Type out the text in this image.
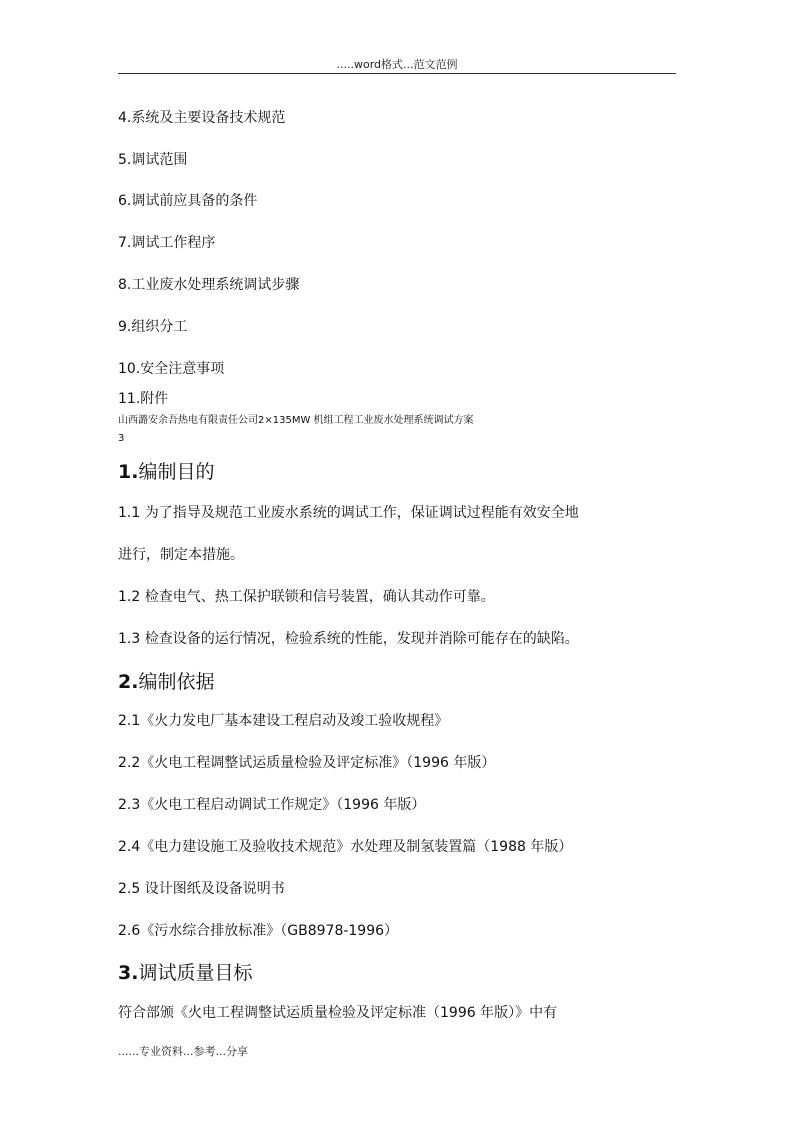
.....word格式...范文范例
4.系统及主要设备技术规范
5.调试范围
6.调试前应具备的条件
7.调试工作程序
8.工业废水处理系统调试步骤
9.组织分工
10.安全注意事项
11.附件
山西潞安余吾热电有限责任公司2×135MW 机组工程工业废水处理系统调试方案
3
1.编制目的
1.1 为了指导及规范工业废水系统的调试工作，保证调试过程能有效安全地
进行，制定本措施。
1.2 检查电气、热工保护联锁和信号装置，确认其动作可靠。
1.3 检查设备的运行情况，检验系统的性能，发现并消除可能存在的缺陷。
2.编制依据
2.1《火力发电厂基本建设工程启动及竣工验收规程》
2.2《火电工程调整试运质量检验及评定标准》（1996 年版）
2.3《火电工程启动调试工作规定》（1996 年版）
2.4《电力建设施工及验收技术规范》水处理及制氢装置篇（1988 年版）
2.5 设计图纸及设备说明书
2.6《污水综合排放标准》（GB8978-1996）
3.调试质量目标
符合部颁《火电工程调整试运质量检验及评定标准（1996 年版）》中有
......专业资料...参考...分享
